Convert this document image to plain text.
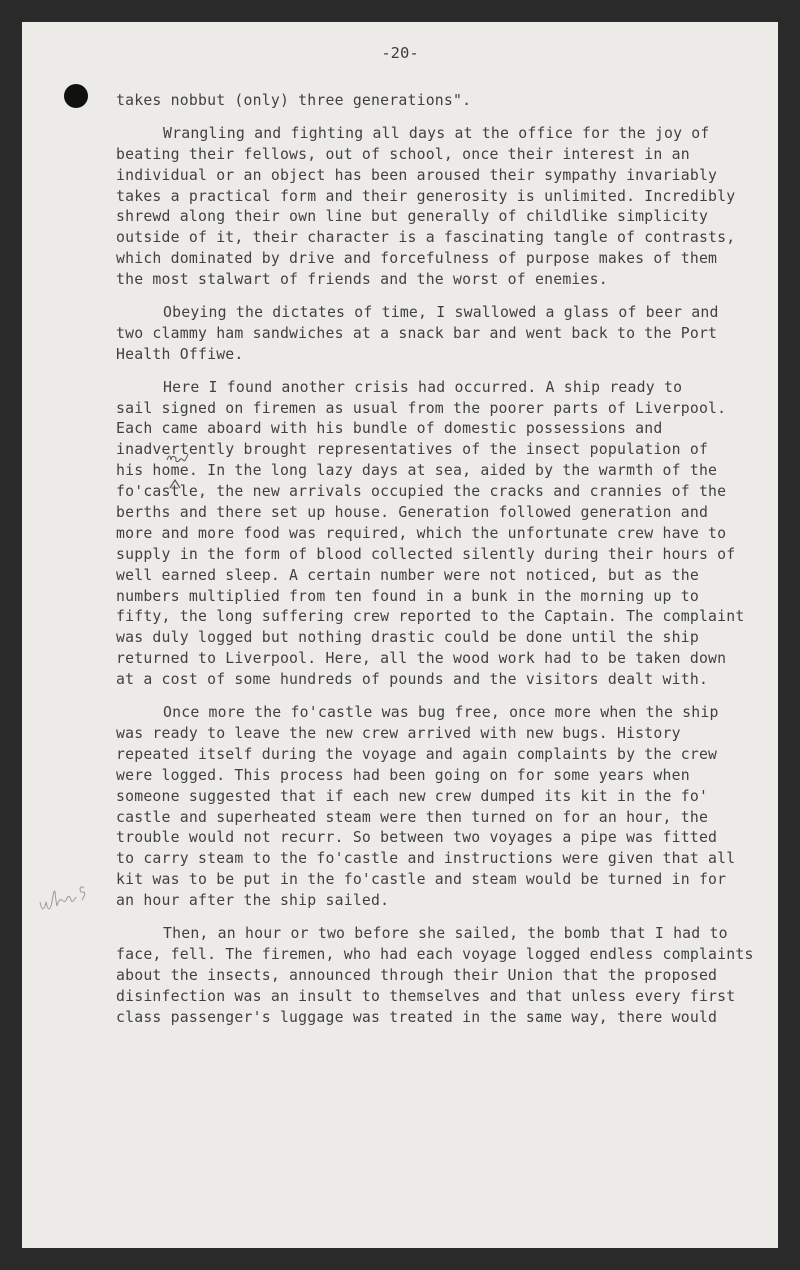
-20-
takes nobbut (only) three generations".
Wrangling and fighting all days at the office for the joy of
beating their fellows, out of school, once their interest in an
individual or an object has been aroused their sympathy invariably
takes a practical form and their generosity is unlimited. Incredibly
shrewd along their own line but generally of childlike simplicity
outside of it, their character is a fascinating tangle of contrasts,
which dominated by drive and forcefulness of purpose makes of them
the most stalwart of friends and the worst of enemies.
Obeying the dictates of time, I swallowed a glass of beer and
two clammy ham sandwiches at a snack bar and went back to the Port
Health Offiwe.
Here I found another crisis had occurred. A ship ready to
sail signed on firemen as usual from the poorer parts of Liverpool.
Each came aboard with his bundle of domestic possessions and
inadvertently brought representatives of the insect population of
his home. In the long lazy days at sea, aided by the warmth of the
fo'castle, the new arrivals occupied the cracks and crannies of the
berths and there set up house. Generation followed generation and
more and more food was required, which the unfortunate crew have to
supply in the form of blood collected silently during their hours of
well earned sleep. A certain number were not noticed, but as the
numbers multiplied from ten found in a bunk in the morning up to
fifty, the long suffering crew reported to the Captain. The complaint
was duly logged but nothing drastic could be done until the ship
returned to Liverpool. Here, all the wood work had to be taken down
at a cost of some hundreds of pounds and the visitors dealt with.
Once more the fo'castle was bug free, once more when the ship
was ready to leave the new crew arrived with new bugs. History
repeated itself during the voyage and again complaints by the crew
were logged. This process had been going on for some years when
someone suggested that if each new crew dumped its kit in the fo'
castle and superheated steam were then turned on for an hour, the
trouble would not recurr. So between two voyages a pipe was fitted
to carry steam to the fo'castle and instructions were given that all
kit was to be put in the fo'castle and steam would be turned in for
an hour after the ship sailed.
Then, an hour or two before she sailed, the bomb that I had to
face, fell. The firemen, who had each voyage logged endless complaints
about the insects, announced through their Union that the proposed
disinfection was an insult to themselves and that unless every first
class passenger's luggage was treated in the same way, there would
